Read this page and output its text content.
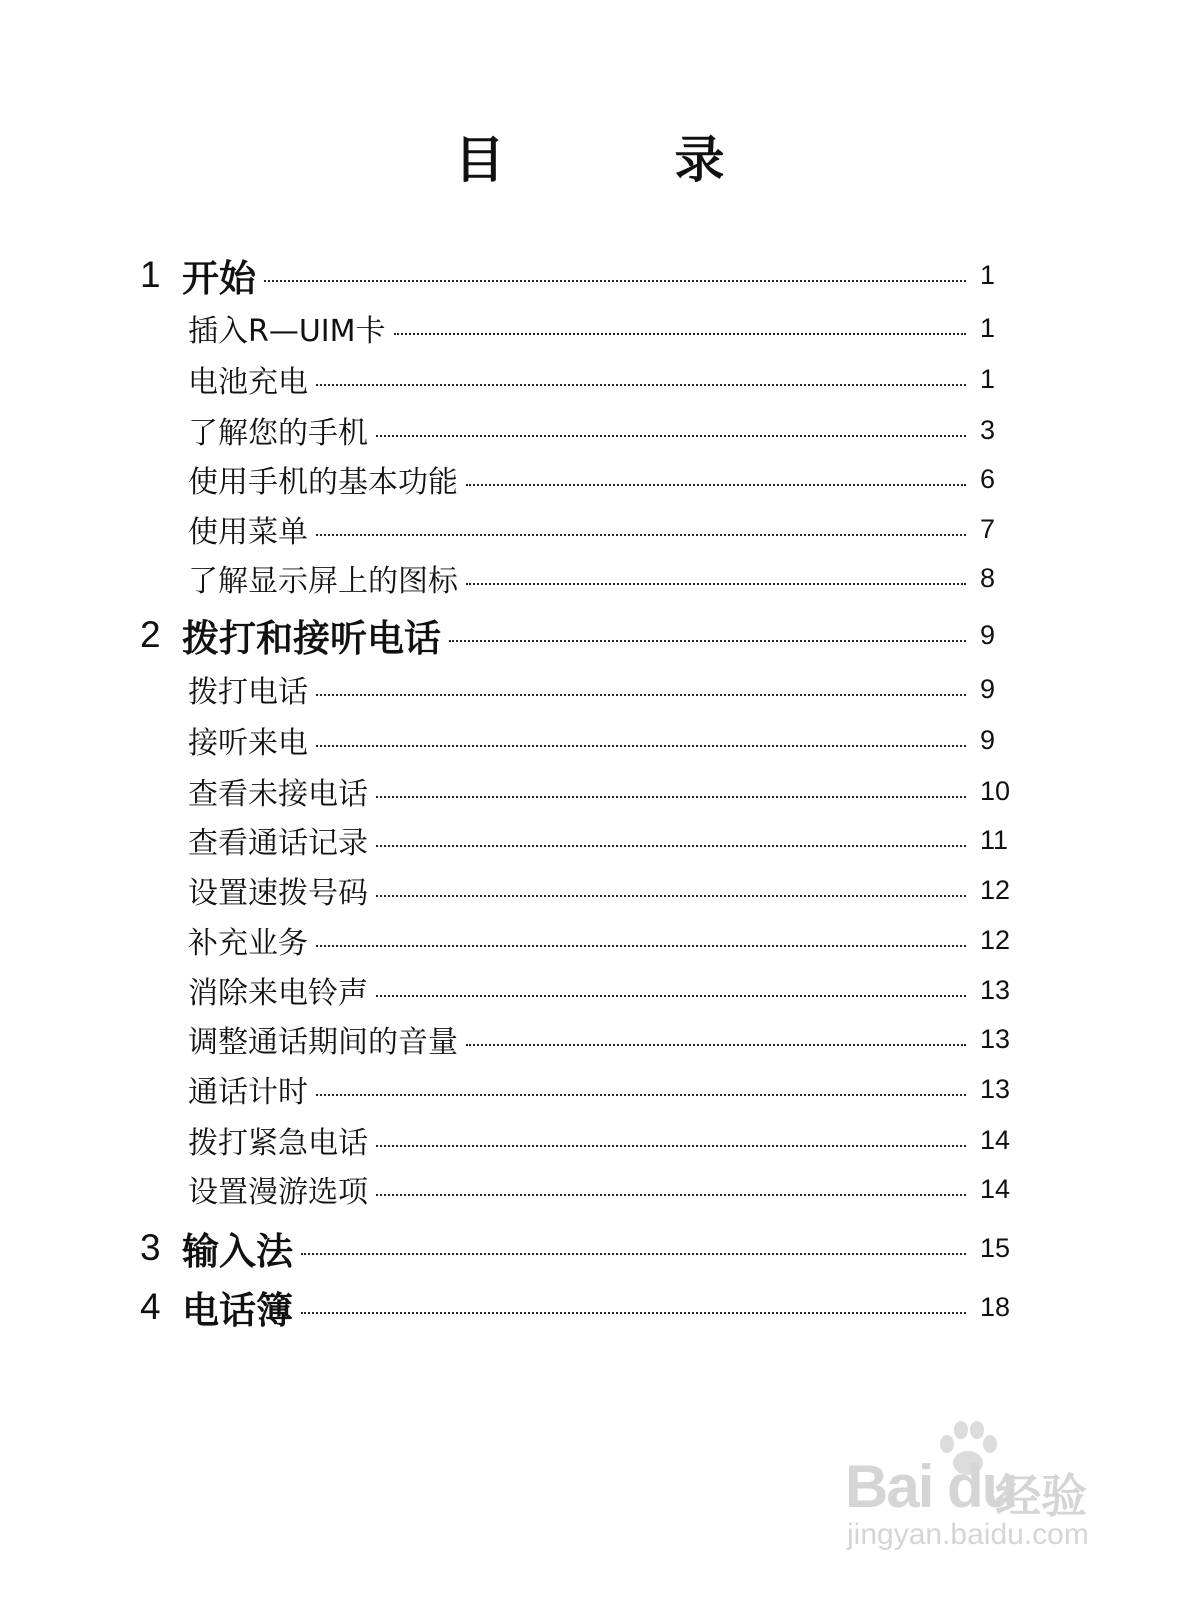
目　录
1 开始	1
插入R—UIM卡	1
电池充电	1
了解您的手机	3
使用手机的基本功能	6
使用菜单	7
了解显示屏上的图标	8
2 拨打和接听电话	9
拨打电话	9
接听来电	9
查看未接电话	10
查看通话记录	11
设置速拨号码	12
补充业务	12
消除来电铃声	13
调整通话期间的音量	13
通话计时	13
拨打紧急电话	14
设置漫游选项	14
3 输入法	15
4 电话簿	18
Bai du
经验
jingyan.baidu.com
